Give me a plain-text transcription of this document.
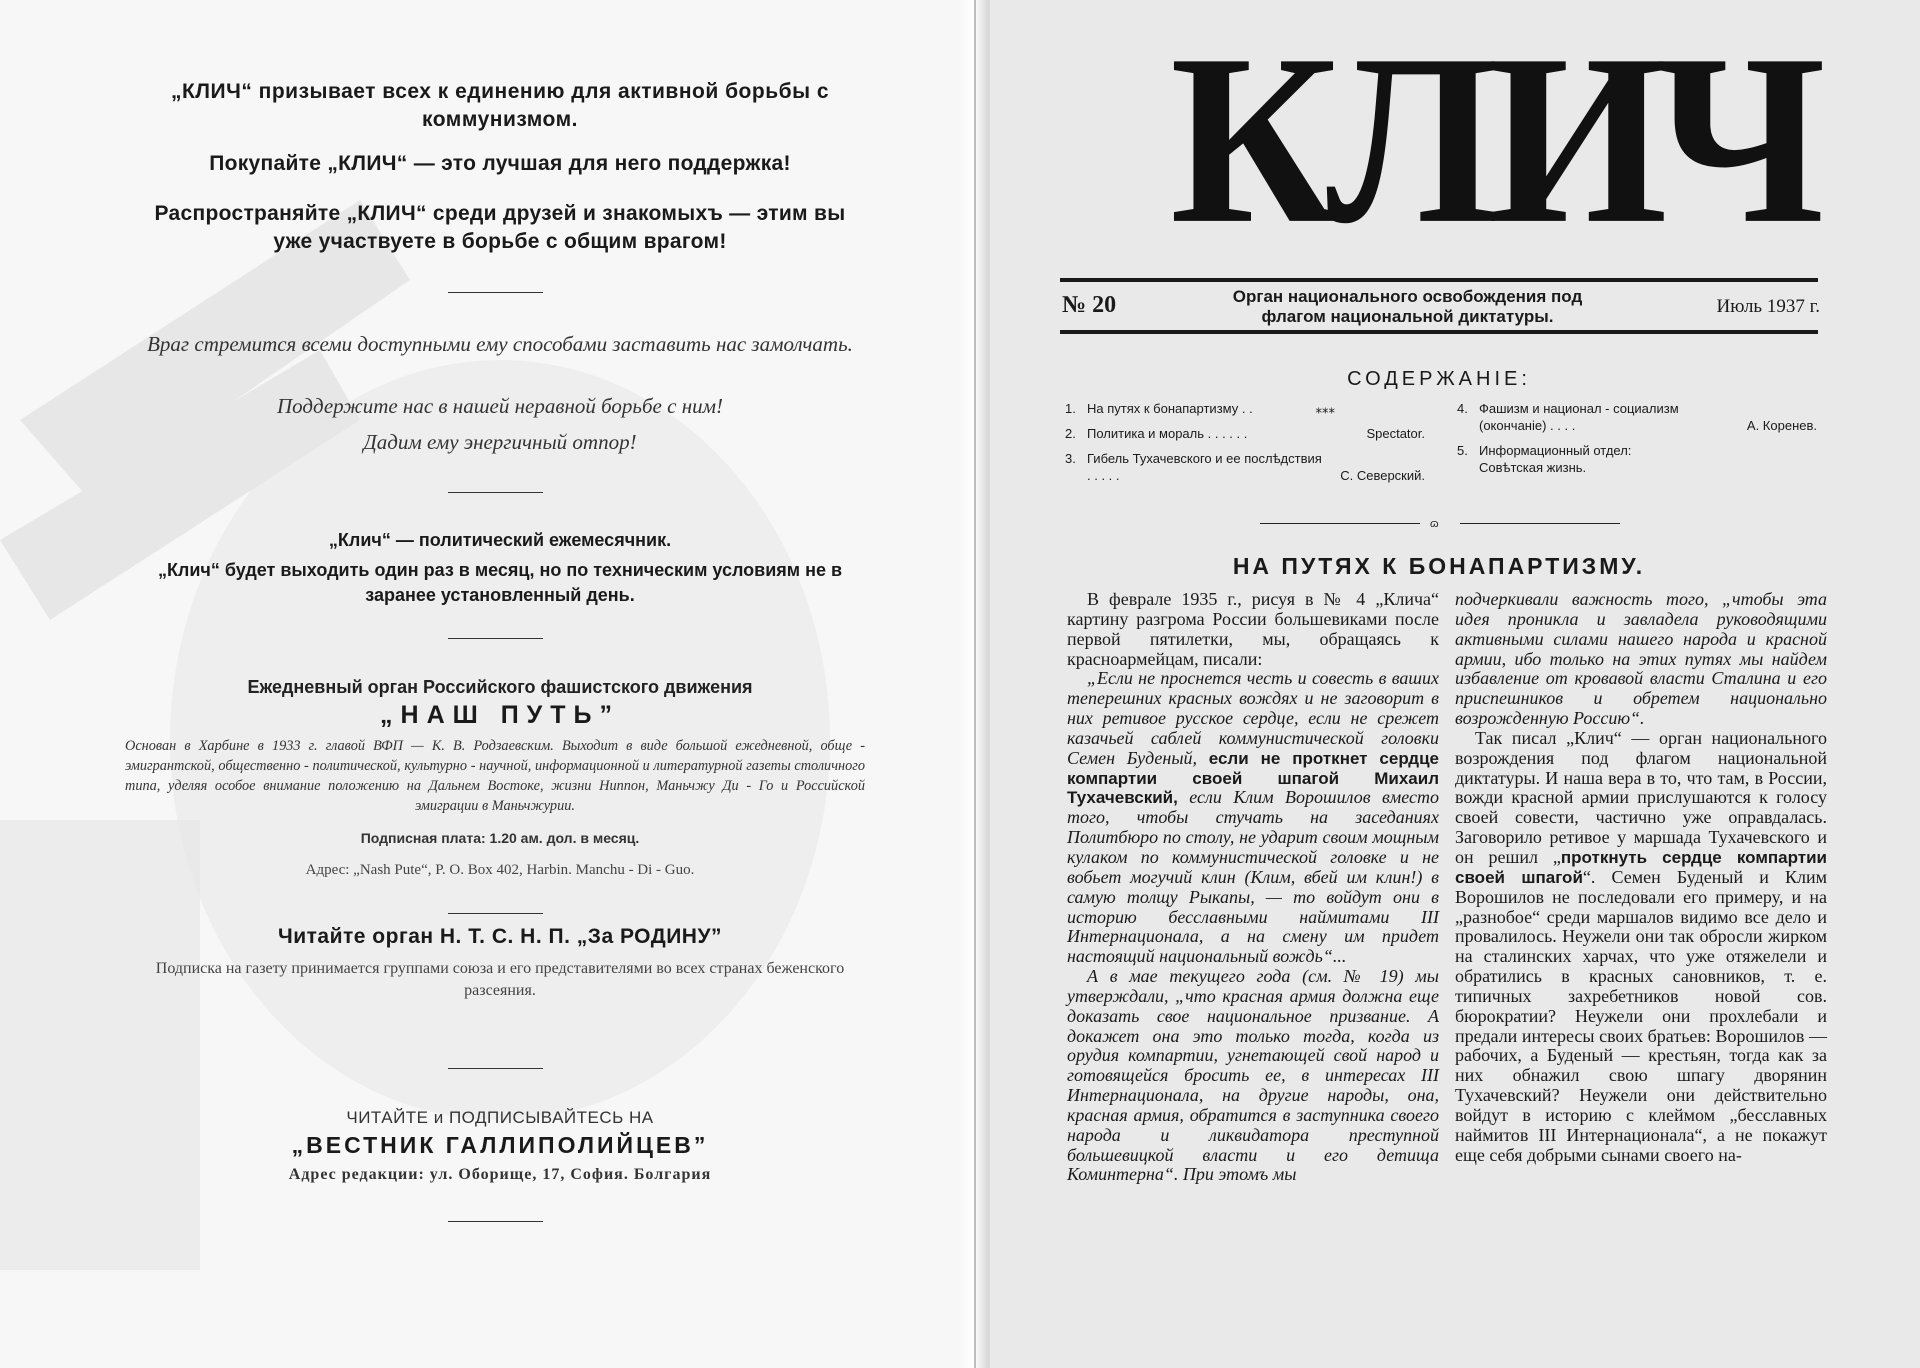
„КЛИЧ“ призывает всех к единению для активной борьбы с коммунизмом.
Покупайте „КЛИЧ“ — это лучшая для него поддержка!
Распространяйте „КЛИЧ“ среди друзей и знакомыхъ — этим вы уже участвуете в борьбе с общим врагом!
Враг стремится всеми доступными ему способами заставить нас замолчать.
Поддержите нас в нашей неравной борьбе с ним!
Дадим ему энергичный отпор!
„Клич“ — политический ежемесячник.
„Клич“ будет выходить один раз в месяц, но по техническим условиям не в заранее установленный день.
Ежедневный орган Российского фашистского движения
„НАШ ПУТЬ”
Основан в Харбине в 1933 г. главой ВФП — К. В. Родзаевским. Выходит в виде большой ежедневной, обще - эмигрантской, общественно - политической, культурно - научной, информационной и литературной газеты столичного типа, уделяя особое внимание положению на Дальнем Востоке, жизни Ниппон, Маньчжу Ди - Го и Российской эмиграции в Маньчжурии.
Подписная плата: 1.20 ам. дол. в месяц.
Адрес: „Nash Pute“, P. O. Box 402, Harbin. Manchu - Di - Guo.
Читайте орган Н. Т. С. Н. П. „За РОДИНУ”
Подписка на газету принимается группами союза и его представителями во всех странах беженского разсеяния.
ЧИТАЙТЕ и ПОДПИСЫВАЙТЕСЬ НА
„ВЕСТНИК ГАЛЛИПОЛИЙЦЕВ”
Адрес редакции: ул. Оборище, 17, София. Болгария
КЛИЧ
№ 20	Орган национального освобождения под
флагом национальной диктатуры.	Июль 1937 г.
СОДЕРЖАНIE:
1. На путях к бонапартизму . .	⁎⁎⁎
2. Политика и мораль . . . . . .	Spectator.
3. Гибель Тухачевского и ее послѣдствия . . . . .	С. Северский.
4. Фашизм и национал - социализм (окончанie) . . . .	А. Коренев.
5. Информационный отдел: Совѣтская жизнь.
ɷ
НА ПУТЯХ К БОНАПАРТИЗМУ.

В феврале 1935 г., рисуя в № 4 „Клича“ картину разгрома России большевиками после первой пятилетки, мы, обращаясь к красноармейцам, писали:

„Если не проснется честь и совесть в ваших теперешних красных вождях и не заговорит в них ретивое русское сердце, если не срежет казачьей саблей коммунистической головки Семен Буденый, если не проткнет сердце компартии своей шпагой Михаил Тухачевский, если Клим Ворошилов вместо того, чтобы стучать на заседаниях Политбюро по столу, не ударит своим мощным кулаком по коммунистической головке и не вобьет могучий клин (Клим, вбей им клин!) в самую толщу Рыкапы, — то войдут они в историю бесславными наймитами III Интернационала, а на смену им придет настоящий национальный вождь“...

А в мае текущего года (см. № 19) мы утверждали, „что красная армия должна еще доказать свое национальное призвание. А докажет она это только тогда, когда из орудия компартии, угнетающей свой народ и готовящейся бросить ее, в интересах III Интернационала, на другие народы, она, красная армия, обратится в заступника своего народа и ликвидатора преступной большевицкой власти и его детища Коминтерна“. При этомъ мы

подчеркивали важность того, „чтобы эта идея проникла и завладела руководящими активными силами нашего народа и красной армии, ибо только на этих путях мы найдем избавление от кровавой власти Сталина и его приспешников и обретем национально возрожденную Россию“.

Так писал „Клич“ — орган национального возрождения под флагом национальной диктатуры. И наша вера в то, что там, в России, вожди красной армии прислушаются к голосу своей совести, частично уже оправдалась. Заговорило ретивое у маршада Тухачевского и он решил „проткнуть сердце компартии своей шпагой“. Семен Буденый и Клим Ворошилов не последовали его примеру, и на „разнобое“ среди маршалов видимо все дело и провалилось. Неужели они так обросли жирком на сталинских харчах, что уже отяжелели и обратились в красных сановников, т. е. типичных захребетников новой сов. бюрократии? Неужели они прохлебали и предали интересы своих братьев: Ворошилов — рабочих, а Буденый — крестьян, тогда как за них обнажил свою шпагу дворянин Тухачевский? Неужели они действительно войдут в историю с клеймом „бесславных наймитов III Интернационала“, а не покажут еще себя добрыми сынами своего на-
